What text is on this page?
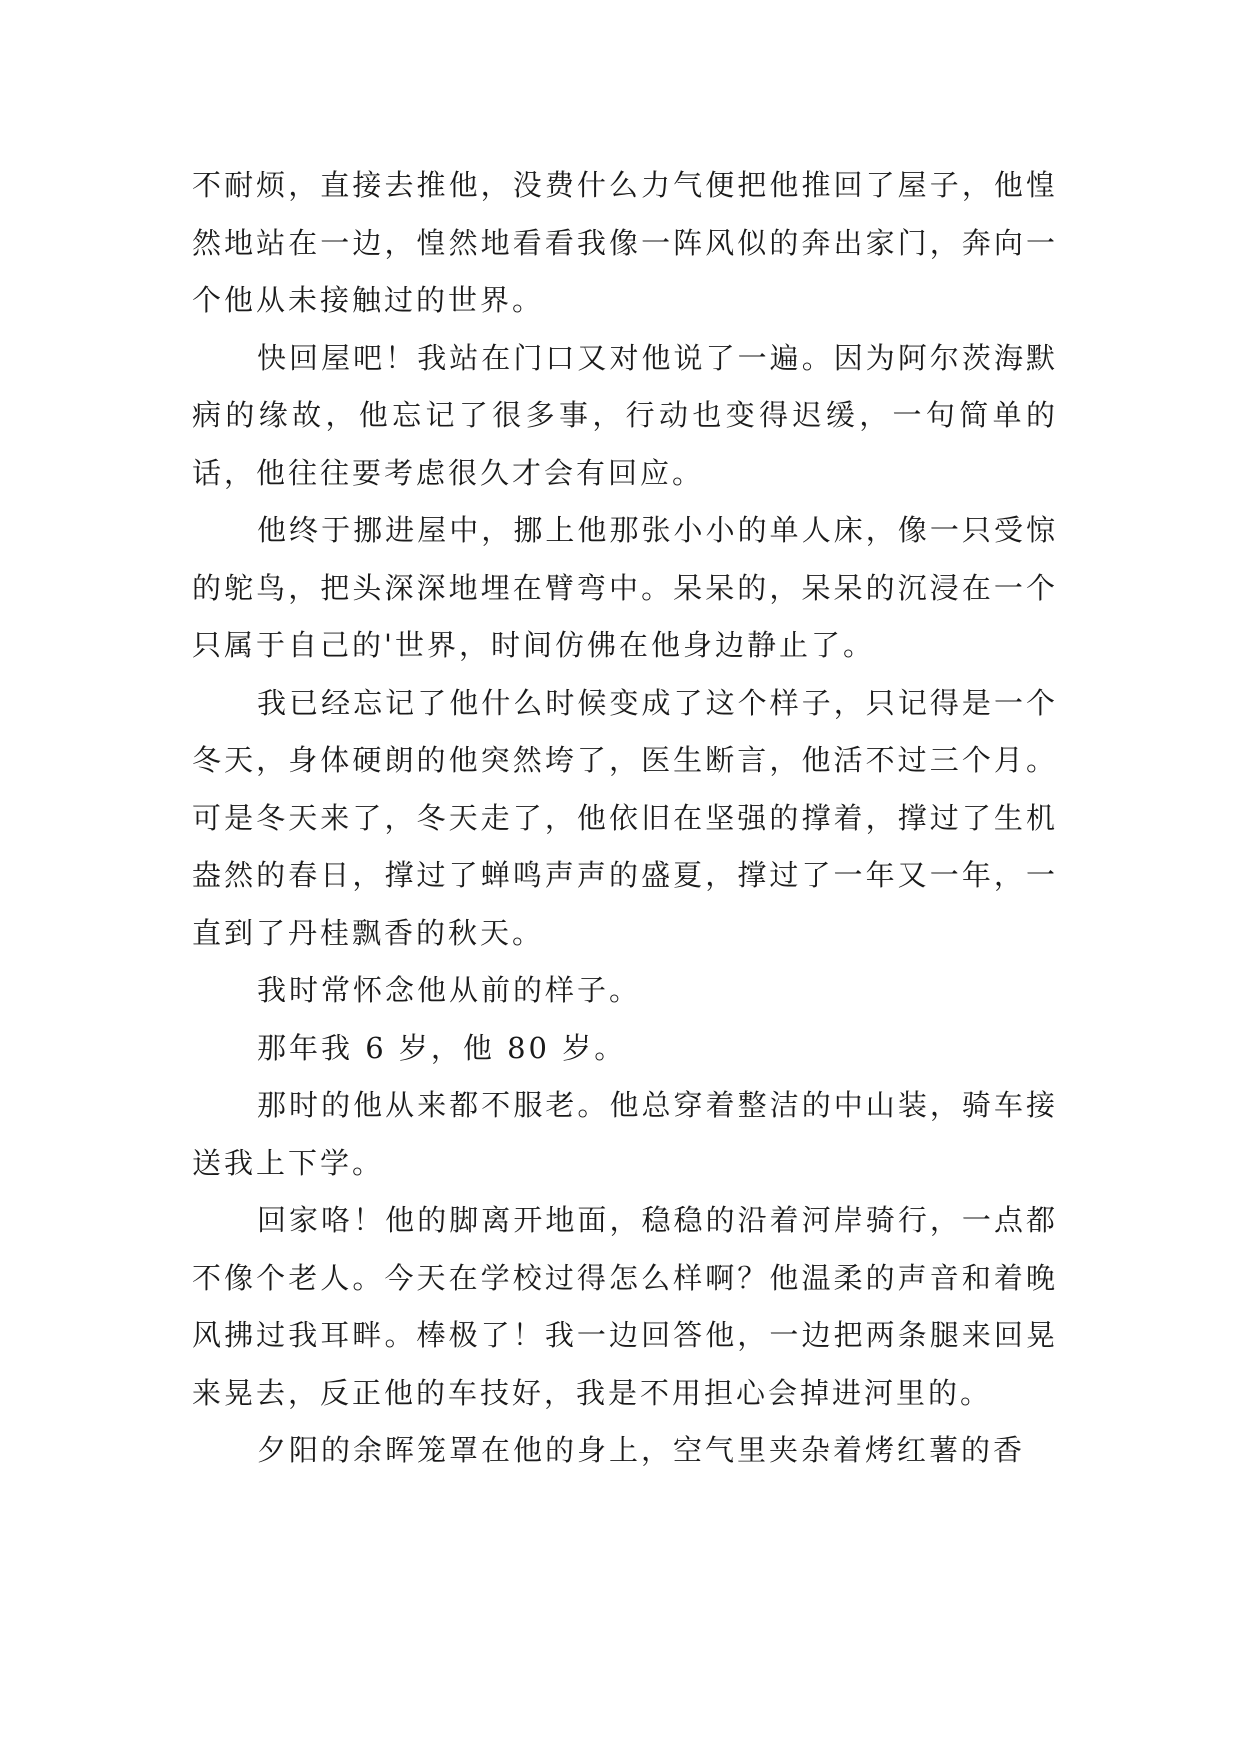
不耐烦，直接去推他，没费什么力气便把他推回了屋子，他惶然地站在一边，惶然地看看我像一阵风似的奔出家门，奔向一个他从未接触过的世界。

快回屋吧！我站在门口又对他说了一遍。因为阿尔茨海默病的缘故，他忘记了很多事，行动也变得迟缓，一句简单的话，他往往要考虑很久才会有回应。

他终于挪进屋中，挪上他那张小小的单人床，像一只受惊的鸵鸟，把头深深地埋在臂弯中。呆呆的，呆呆的沉浸在一个只属于自己的'世界，时间仿佛在他身边静止了。

我已经忘记了他什么时候变成了这个样子，只记得是一个冬天，身体硬朗的他突然垮了，医生断言，他活不过三个月。可是冬天来了，冬天走了，他依旧在坚强的撑着，撑过了生机盎然的春日，撑过了蝉鸣声声的盛夏，撑过了一年又一年，一直到了丹桂飘香的秋天。

我时常怀念他从前的样子。

那年我 6 岁，他 80 岁。

那时的他从来都不服老。他总穿着整洁的中山装，骑车接送我上下学。

回家咯！他的脚离开地面，稳稳的沿着河岸骑行，一点都不像个老人。今天在学校过得怎么样啊？他温柔的声音和着晚风拂过我耳畔。棒极了！我一边回答他，一边把两条腿来回晃来晃去，反正他的车技好，我是不用担心会掉进河里的。

夕阳的余晖笼罩在他的身上，空气里夹杂着烤红薯的香
